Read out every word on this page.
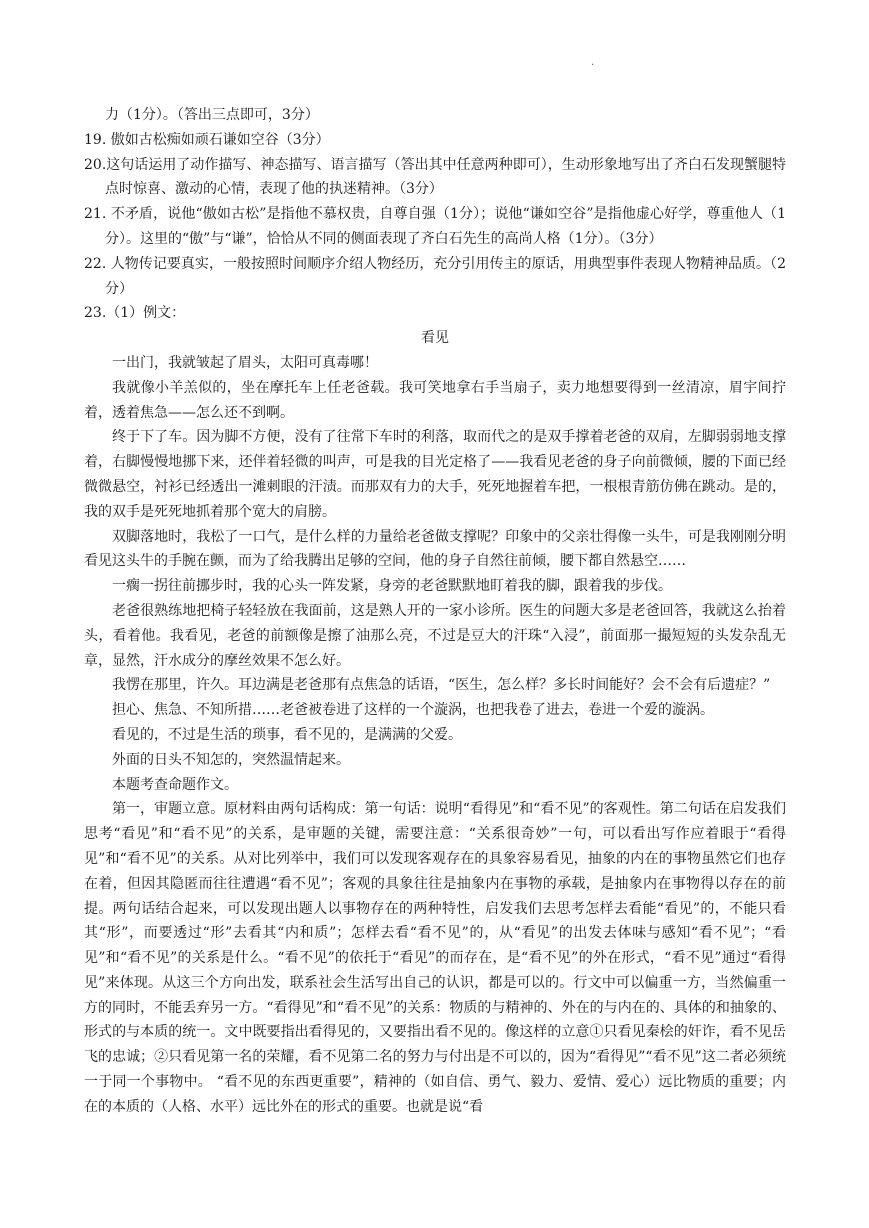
.

力（1分）。（答出三点即可，3分）

19. 傲如古松痴如顽石谦如空谷（3分）

20.这句话运用了动作描写、神态描写、语言描写（答出其中任意两种即可），生动形象地写出了齐白石发现蟹腿特点时惊喜、激动的心情，表现了他的执迷精神。（3分）

21. 不矛盾，说他“傲如古松”是指他不慕权贵，自尊自强（1分）；说他“谦如空谷”是指他虚心好学，尊重他人（1分）。这里的“傲”与“谦”，恰恰从不同的侧面表现了齐白石先生的高尚人格（1分）。（3分）

22. 人物传记要真实，一般按照时间顺序介绍人物经历，充分引用传主的原话，用典型事件表现人物精神品质。（2分）

23.（1）例文：

看见

一出门，我就皱起了眉头，太阳可真毒哪！

我就像小羊羔似的，坐在摩托车上任老爸载。我可笑地拿右手当扇子，卖力地想要得到一丝清凉，眉宇间拧着，透着焦急——怎么还不到啊。

终于下了车。因为脚不方便，没有了往常下车时的利落，取而代之的是双手撑着老爸的双肩，左脚弱弱地支撑着，右脚慢慢地挪下来，还伴着轻微的叫声，可是我的目光定格了——我看见老爸的身子向前微倾，腰的下面已经微微悬空，衬衫已经透出一滩刺眼的汗渍。而那双有力的大手，死死地握着车把，一根根青筋仿佛在跳动。是的，我的双手是死死地抓着那个宽大的肩膀。

双脚落地时，我松了一口气，是什么样的力量给老爸做支撑呢？印象中的父亲壮得像一头牛，可是我刚刚分明看见这头牛的手腕在颤，而为了给我腾出足够的空间，他的身子自然往前倾，腰下都自然悬空……

一瘸一拐往前挪步时，我的心头一阵发紧，身旁的老爸默默地盯着我的脚，跟着我的步伐。

老爸很熟练地把椅子轻轻放在我面前，这是熟人开的一家小诊所。医生的问题大多是老爸回答，我就这么抬着头，看着他。我看见，老爸的前额像是擦了油那么亮，不过是豆大的汗珠“入浸”，前面那一撮短短的头发杂乱无章，显然，汗水成分的摩丝效果不怎么好。

我愣在那里，许久。耳边满是老爸那有点焦急的话语，“医生，怎么样？多长时间能好？会不会有后遗症？”

担心、焦急、不知所措……老爸被卷进了这样的一个漩涡，也把我卷了进去，卷进一个爱的漩涡。

看见的，不过是生活的琐事，看不见的，是满满的父爱。

外面的日头不知怎的，突然温情起来。

本题考查命题作文。

第一，审题立意。原材料由两句话构成：第一句话：说明“看得见”和“看不见”的客观性。第二句话在启发我们思考“看见”和“看不见”的关系，是审题的关键，需要注意：“关系很奇妙”一句，可以看出写作应着眼于“看得见”和“看不见”的关系。从对比列举中，我们可以发现客观存在的具象容易看见，抽象的内在的事物虽然它们也存在着，但因其隐匿而往往遭遇“看不见”；客观的具象往往是抽象内在事物的承载，是抽象内在事物得以存在的前提。两句话结合起来，可以发现出题人以事物存在的两种特性，启发我们去思考怎样去看能“看见”的，不能只看其“形”，而要透过“形”去看其“内和质”；怎样去看“看不见”的，从“看见”的出发去体味与感知“看不见”；“看见”和“看不见”的关系是什么。“看不见”的依托于“看见”的而存在，是“看不见”的外在形式，“看不见”通过“看得见”来体现。从这三个方向出发，联系社会生活写出自己的认识，都是可以的。行文中可以偏重一方，当然偏重一方的同时，不能丢弃另一方。“看得见”和“看不见”的关系：物质的与精神的、外在的与内在的、具体的和抽象的、形式的与本质的统一。文中既要指出看得见的，又要指出看不见的。像这样的立意①只看见秦桧的奸诈，看不见岳飞的忠诚；②只看见第一名的荣耀，看不见第二名的努力与付出是不可以的，因为“看得见”“看不见”这二者必须统一于同一个事物中。 “看不见的东西更重要”，精神的（如自信、勇气、毅力、爱情、爱心）远比物质的重要；内在的本质的（人格、水平）远比外在的形式的重要。也就是说“看
